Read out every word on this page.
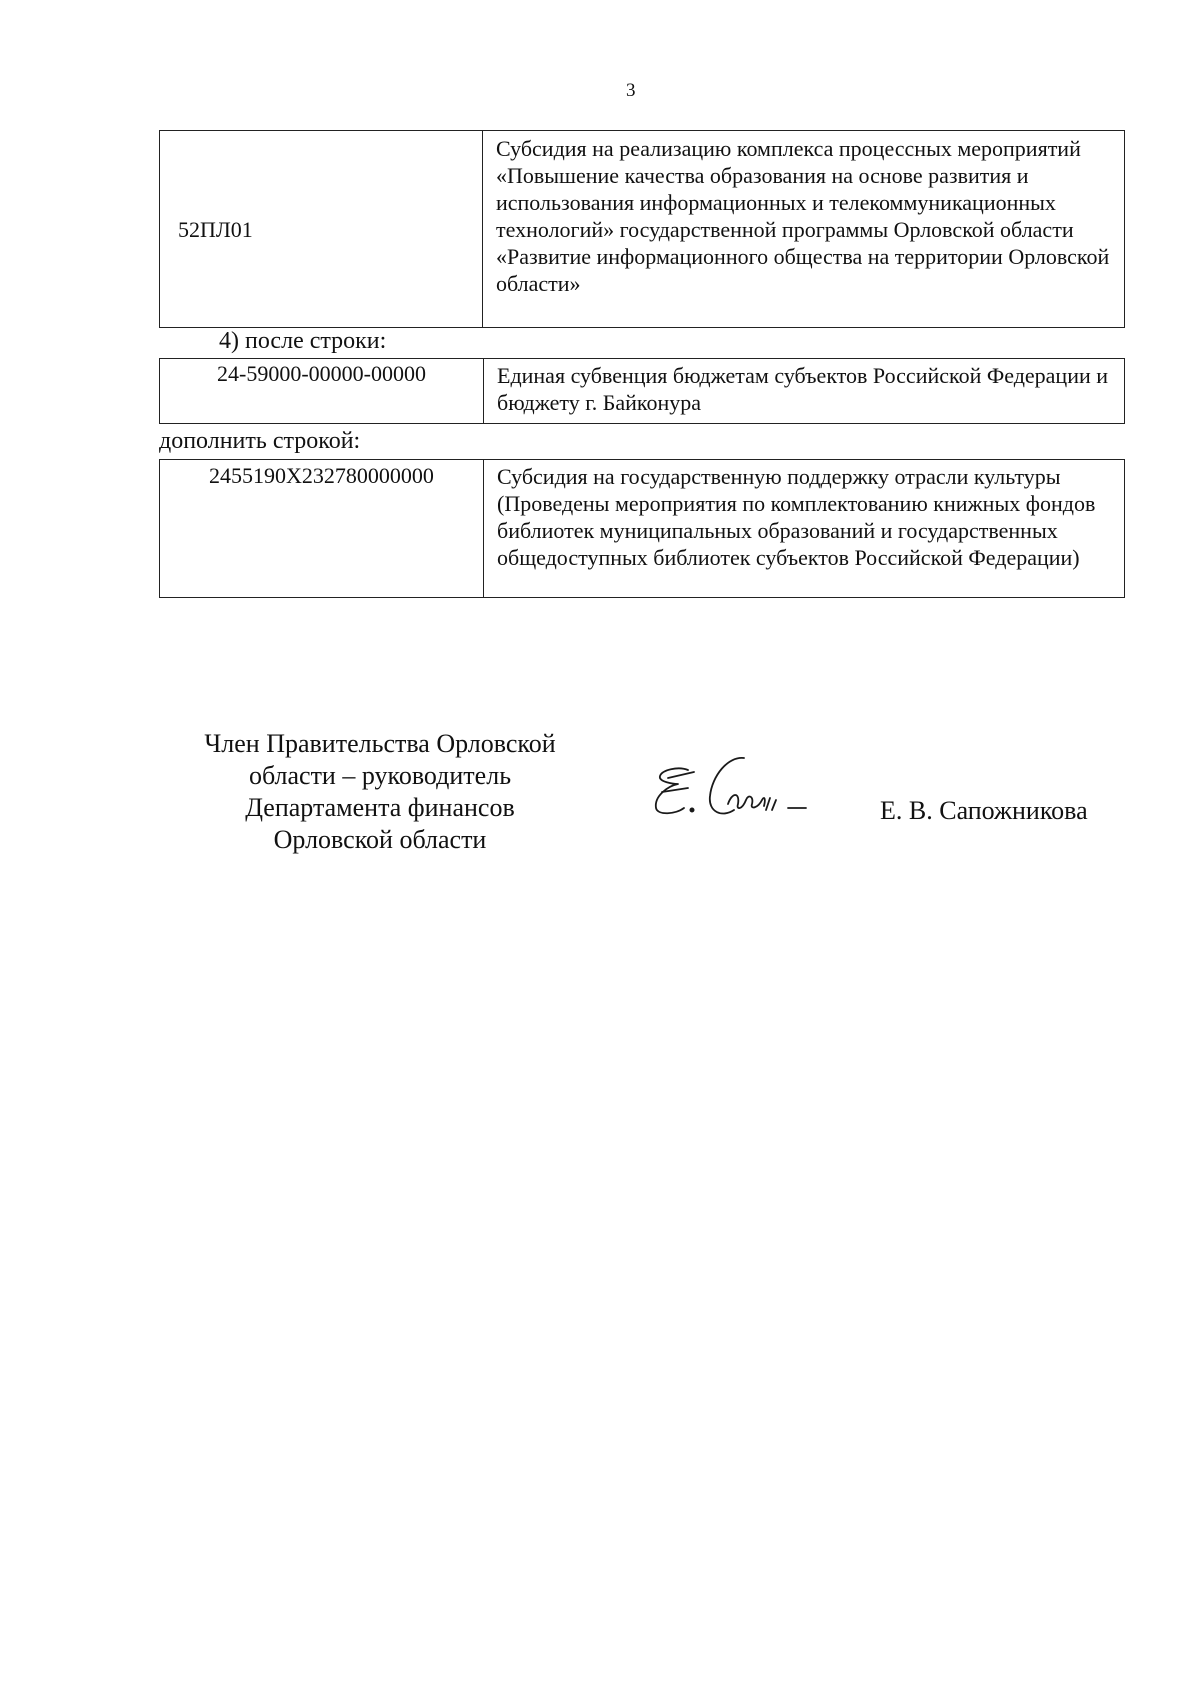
3
52ПЛ01	Субсидия на реализацию комплекса процессных мероприятий «Повышение качества образования на основе развития и использования информационных и телекоммуникационных технологий» государственной программы Орловской области «Развитие информационного общества на территории Орловской области»
4) после строки:
24-59000-00000-00000	Единая субвенция бюджетам субъектов Российской Федерации и бюджету г. Байконура
дополнить строкой:
2455190X232780000000	Субсидия на государственную поддержку отрасли культуры (Проведены мероприятия по комплектованию книжных фондов библиотек муниципальных образований и государственных общедоступных библиотек субъектов Российской Федерации)
Член Правительства Орловской
области – руководитель
Департамента финансов
Орловской области
Е. В. Сапожникова
